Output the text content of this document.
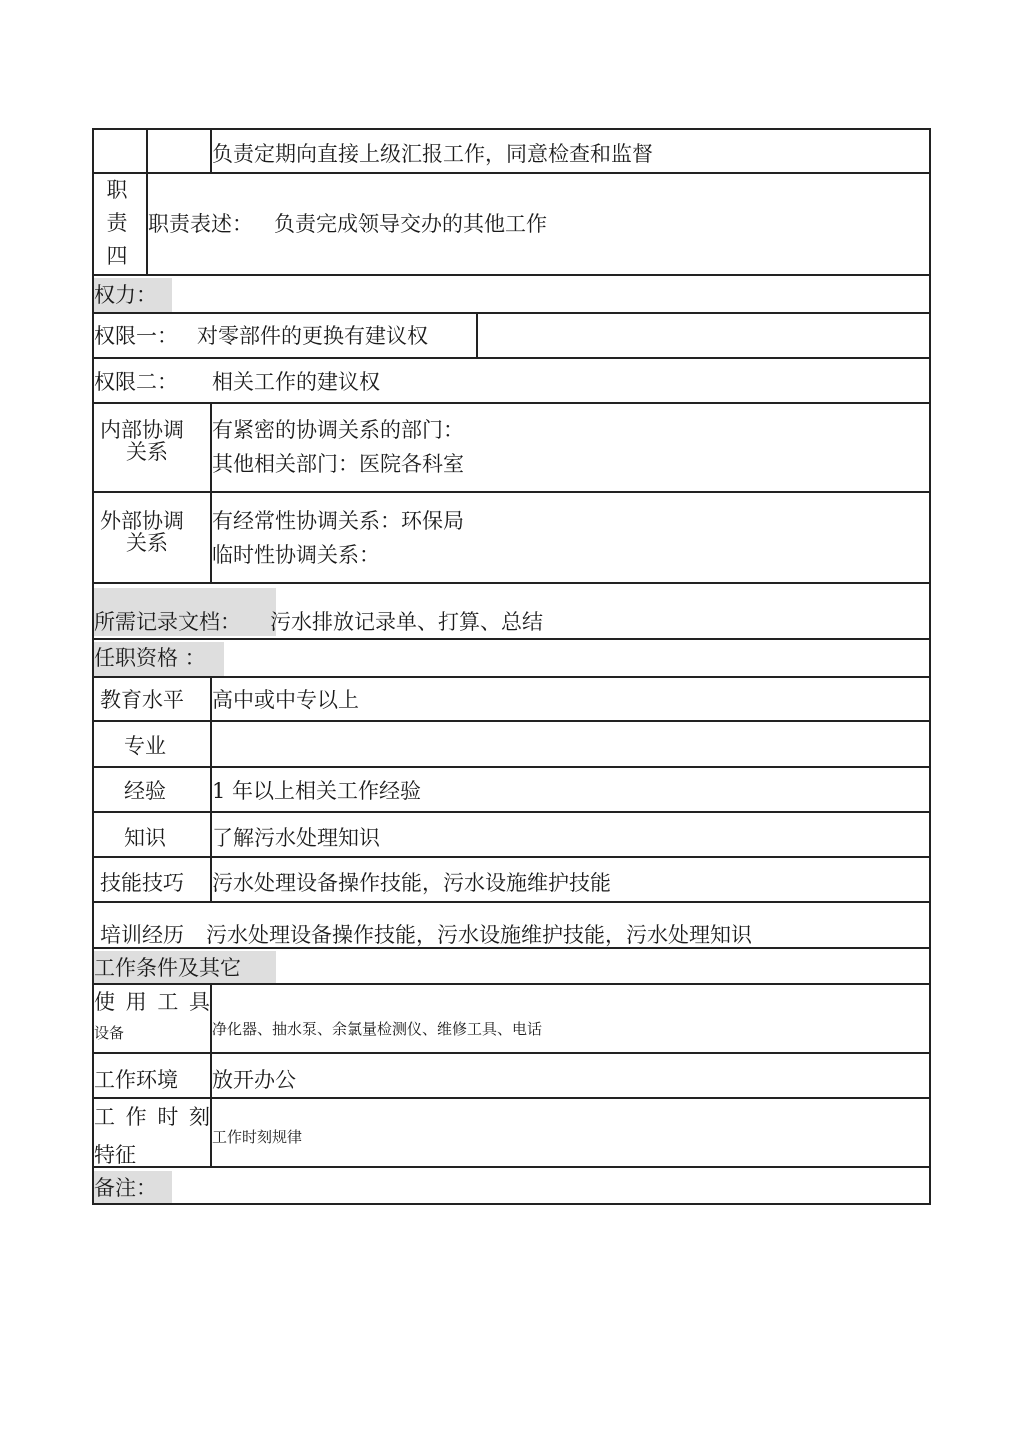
负责定期向直接上级汇报工作，同意检查和监督
职
责
四
职责表述： 负责完成领导交办的其他工作
权力：
权限一： 对零部件的更换有建议权
权限二： 相关工作的建议权
内部协调
关系
有紧密的协调关系的部门：
其他相关部门：医院各科室
外部协调
关系
有经常性协调关系：环保局
临时性协调关系：
所需记录文档： 污水排放记录单、打算、总结
任职资格 ：
教育水平 高中或中专以上
专业
经验 1 年以上相关工作经验
知识 了解污水处理知识
技能技巧 污水处理设备操作技能，污水设施维护技能
培训经历 污水处理设备操作技能，污水设施维护技能，污水处理知识
工作条件及其它
使 用 工 具
设备	净化器、抽水泵、余氯量检测仪、维修工具、电话
工作环境 放开办公
工 作 时 刻
特征
工作时刻规律
备注：
